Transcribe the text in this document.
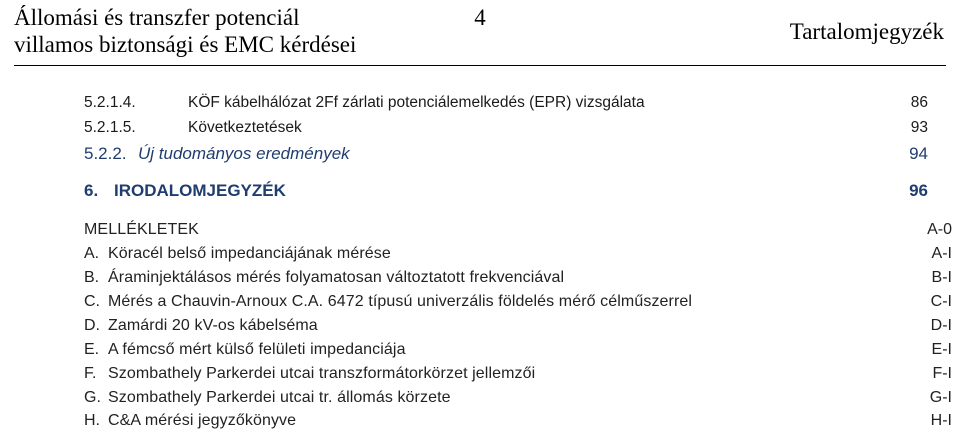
Állomási és transzfer potenciál
villamos biztonsági és EMC kérdései
4
Tartalomjegyzék
5.2.1.4.	KÖF kábelhálózat 2Ff zárlati potenciálemelkedés (EPR) vizsgálata	86
5.2.1.5.	Következtetések	93
5.2.2. Új tudományos eredmények	94
6. IRODALOMJEGYZÉK	96
MELLÉKLETEK	A-0
A. Köracél belső impedanciájának mérése	A-I
B. Áraminjektálásos mérés folyamatosan változtatott frekvenciával	B-I
C. Mérés a Chauvin-Arnoux C.A. 6472 típusú univerzális földelés mérő célműszerrel	C-I
D. Zamárdi 20 kV-os kábelséma	D-I
E. A fémcső mért külső felületi impedanciája	E-I
F. Szombathely Parkerdei utcai transzformátorkörzet jellemzői	F-I
G. Szombathely Parkerdei utcai tr. állomás körzete	G-I
H. C&A mérési jegyzőkönyve	H-I
